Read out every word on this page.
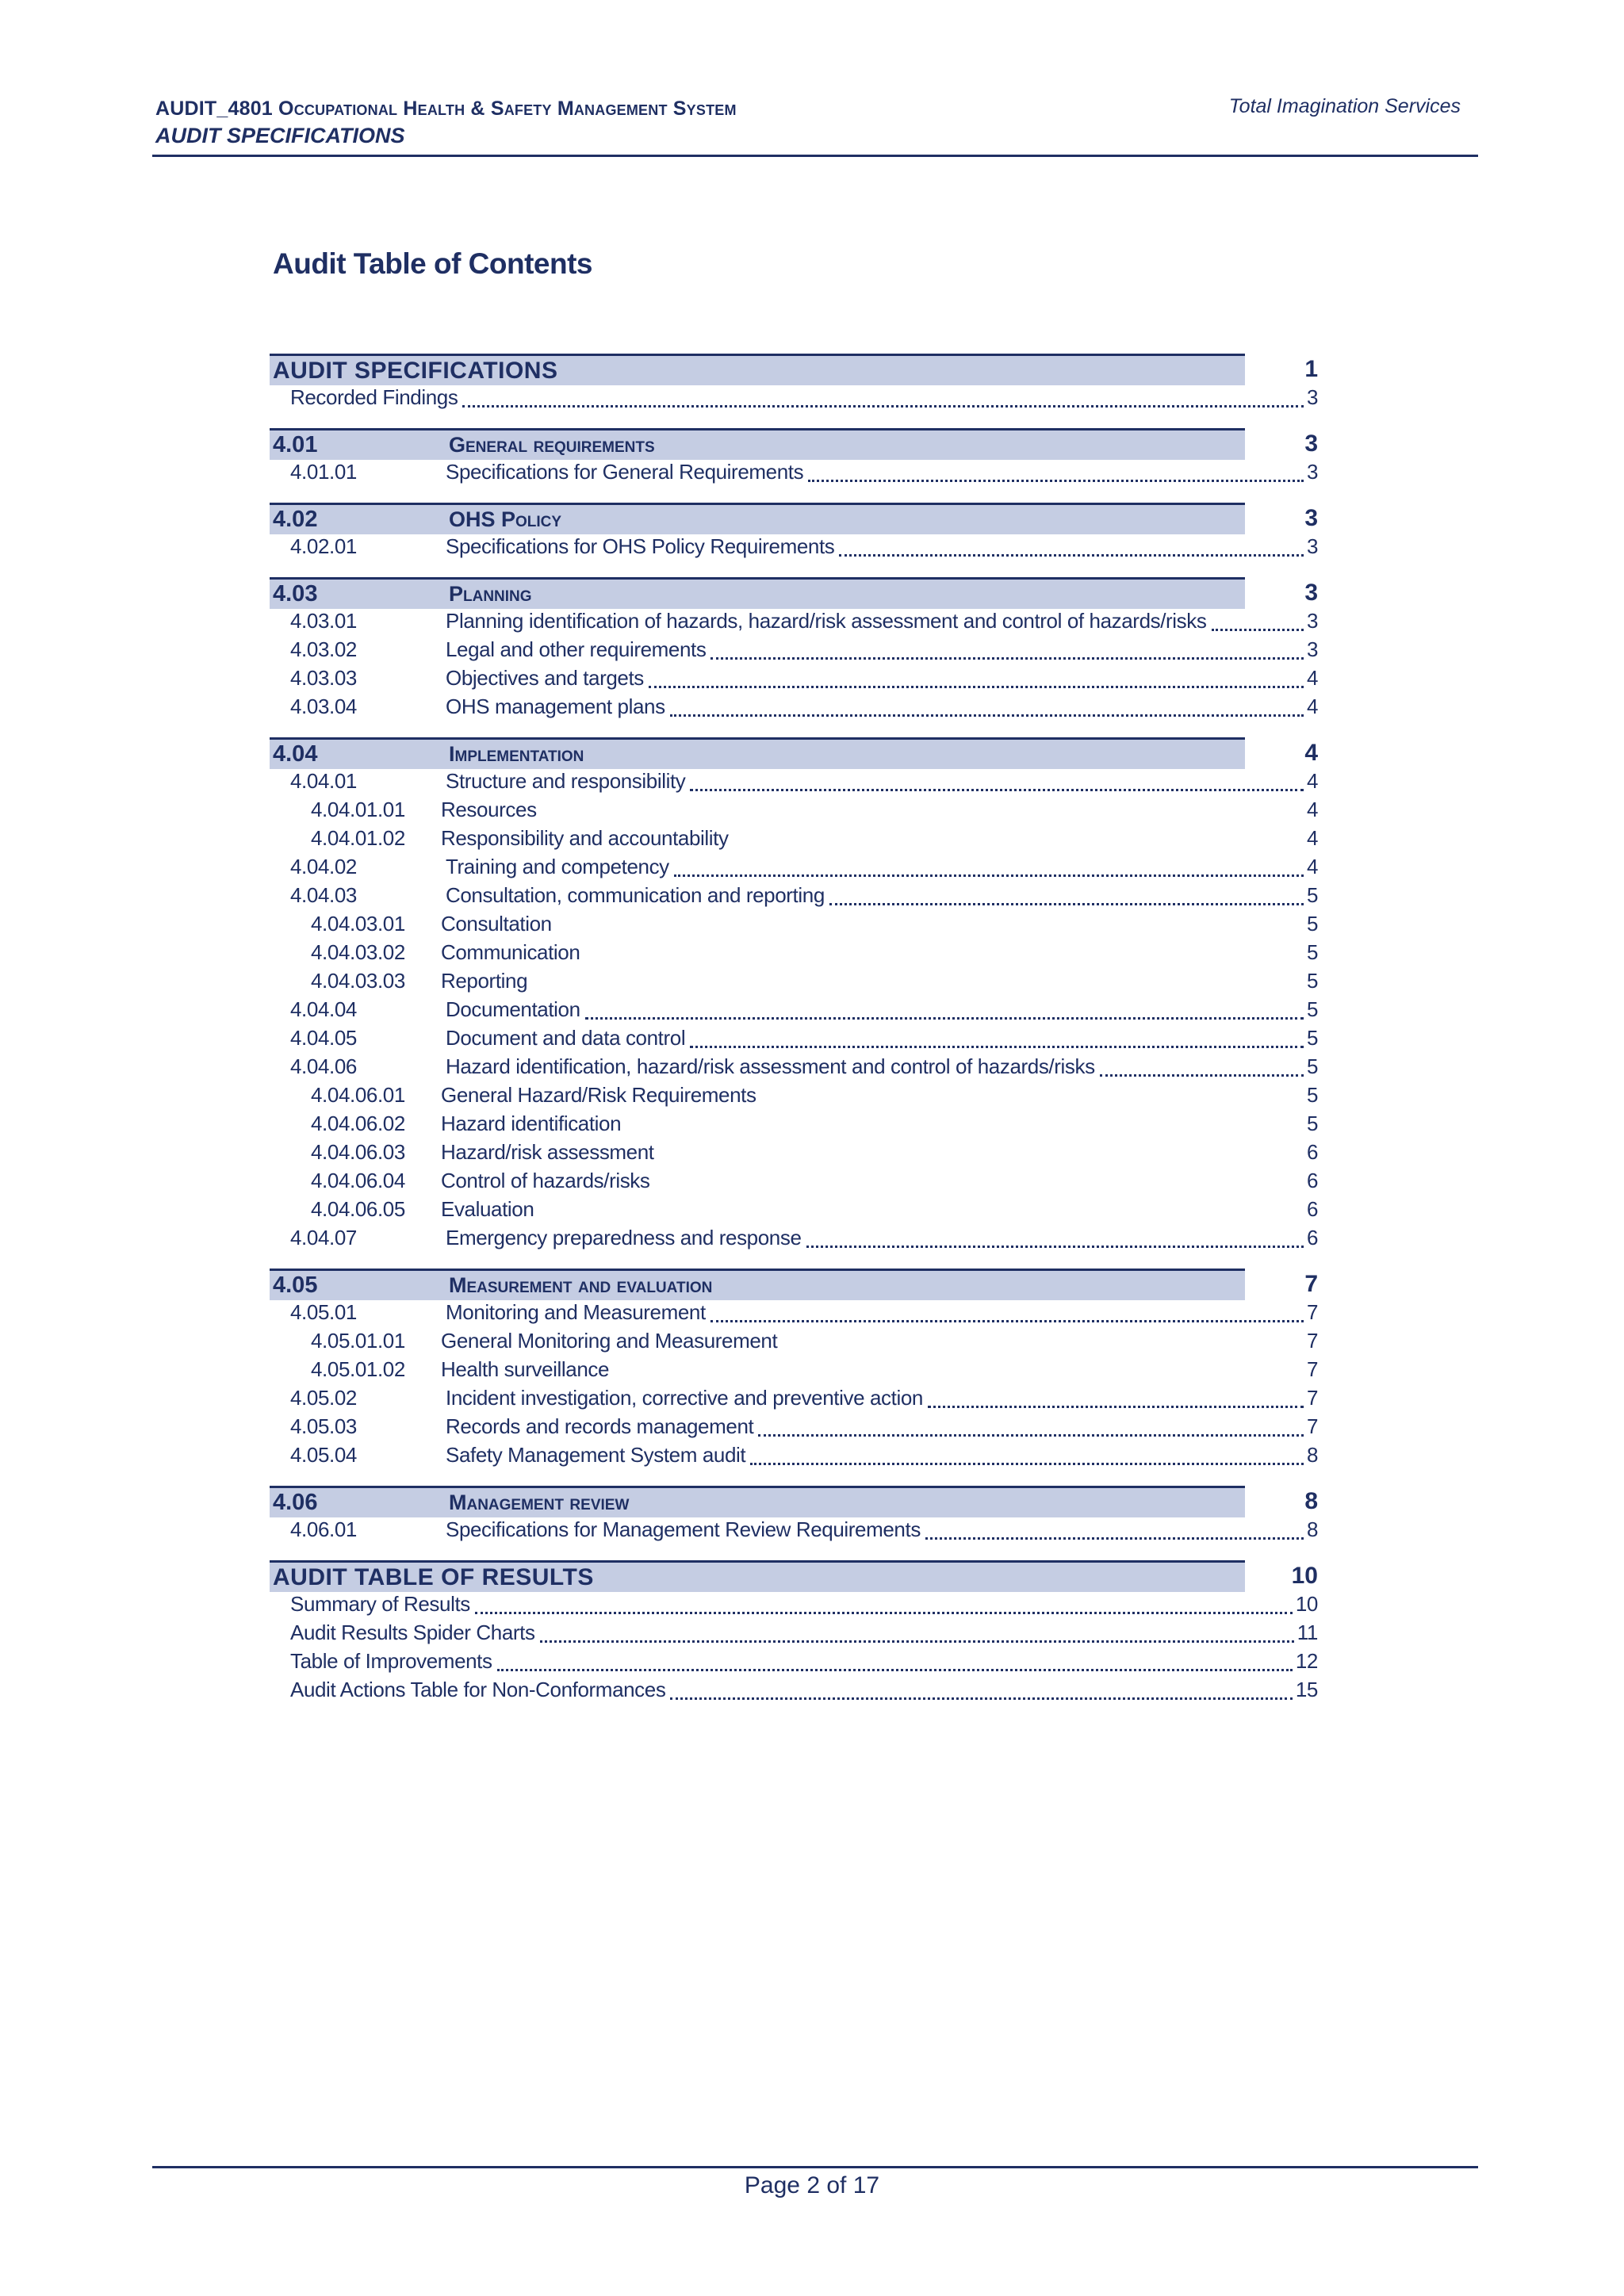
AUDIT_4801 Occupational Health & Safety Management System
AUDIT SPECIFICATIONS
Total Imagination Services
Audit Table of Contents
AUDIT SPECIFICATIONS	1
Recorded Findings	3
4.01	General requirements	3
4.01.01	Specifications for General Requirements	3
4.02	OHS Policy	3
4.02.01	Specifications for OHS Policy Requirements	3
4.03	Planning	3
4.03.01	Planning identification of hazards, hazard/risk assessment and control of hazards/risks	3
4.03.02	Legal and other requirements	3
4.03.03	Objectives and targets	4
4.03.04	OHS management plans	4
4.04	Implementation	4
4.04.01	Structure and responsibility	4
4.04.01.01	Resources	4
4.04.01.02	Responsibility and accountability	4
4.04.02	Training and competency	4
4.04.03	Consultation, communication and reporting	5
4.04.03.01	Consultation	5
4.04.03.02	Communication	5
4.04.03.03	Reporting	5
4.04.04	Documentation	5
4.04.05	Document and data control	5
4.04.06	Hazard identification, hazard/risk assessment and control of hazards/risks	5
4.04.06.01	General Hazard/Risk Requirements	5
4.04.06.02	Hazard identification	5
4.04.06.03	Hazard/risk assessment	6
4.04.06.04	Control of hazards/risks	6
4.04.06.05	Evaluation	6
4.04.07	Emergency preparedness and response	6
4.05	Measurement and evaluation	7
4.05.01	Monitoring and Measurement	7
4.05.01.01	General Monitoring and Measurement	7
4.05.01.02	Health surveillance	7
4.05.02	Incident investigation, corrective and preventive action	7
4.05.03	Records and records management	7
4.05.04	Safety Management System audit	8
4.06	Management review	8
4.06.01	Specifications for Management Review Requirements	8
AUDIT TABLE OF RESULTS	10
Summary of Results	10
Audit Results Spider Charts	11
Table of Improvements	12
Audit Actions Table for Non-Conformances	15
Page 2 of 17
